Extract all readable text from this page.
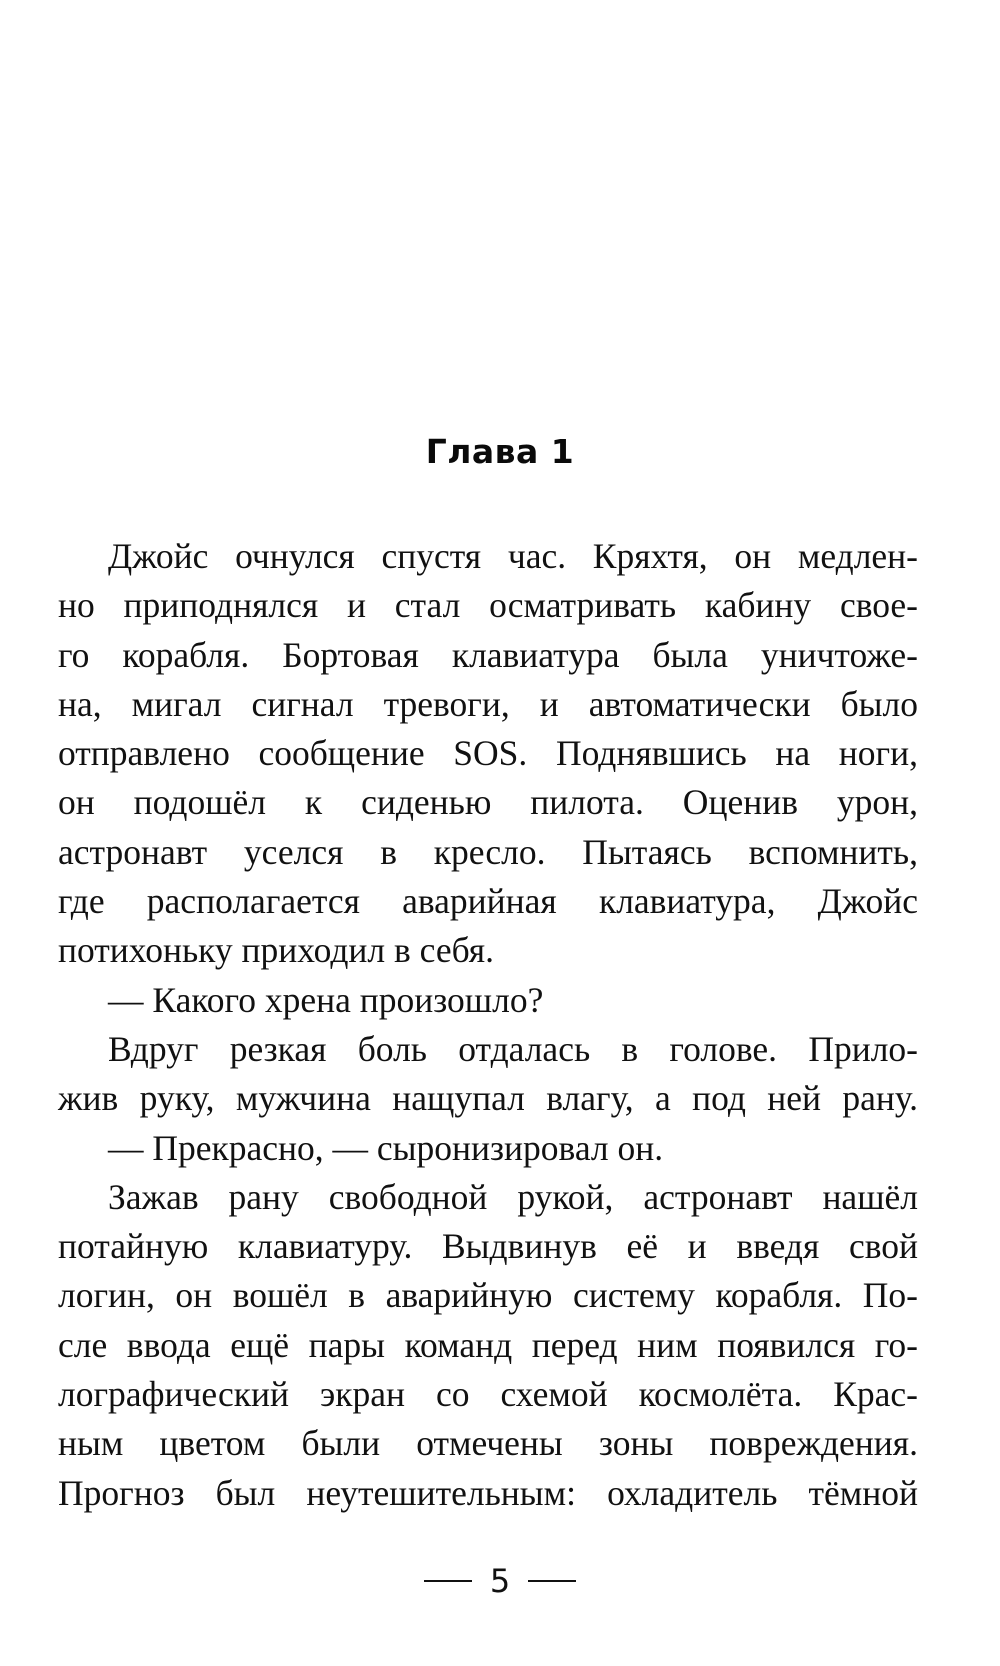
Глава 1
Джойс очнулся спустя час. Кряхтя, он медлен-
но приподнялся и стал осматривать кабину свое-
го корабля. Бортовая клавиатура была уничтоже-
на, мигал сигнал тревоги, и автоматически было
отправлено сообщение SOS. Поднявшись на ноги,
он подошёл к сиденью пилота. Оценив урон,
астронавт уселся в кресло. Пытаясь вспомнить,
где располагается аварийная клавиатура, Джойс
потихоньку приходил в себя.
— Какого хрена произошло?
Вдруг резкая боль отдалась в голове. Прило-
жив руку, мужчина нащупал влагу, а под ней рану.
— Прекрасно, — сыронизировал он.
Зажав рану свободной рукой, астронавт нашёл
потайную клавиатуру. Выдвинув её и введя свой
логин, он вошёл в аварийную систему корабля. По-
сле ввода ещё пары команд перед ним появился го-
лографический экран со схемой космолёта. Крас-
ным цветом были отмечены зоны повреждения.
Прогноз был неутешительным: охладитель тёмной
5
